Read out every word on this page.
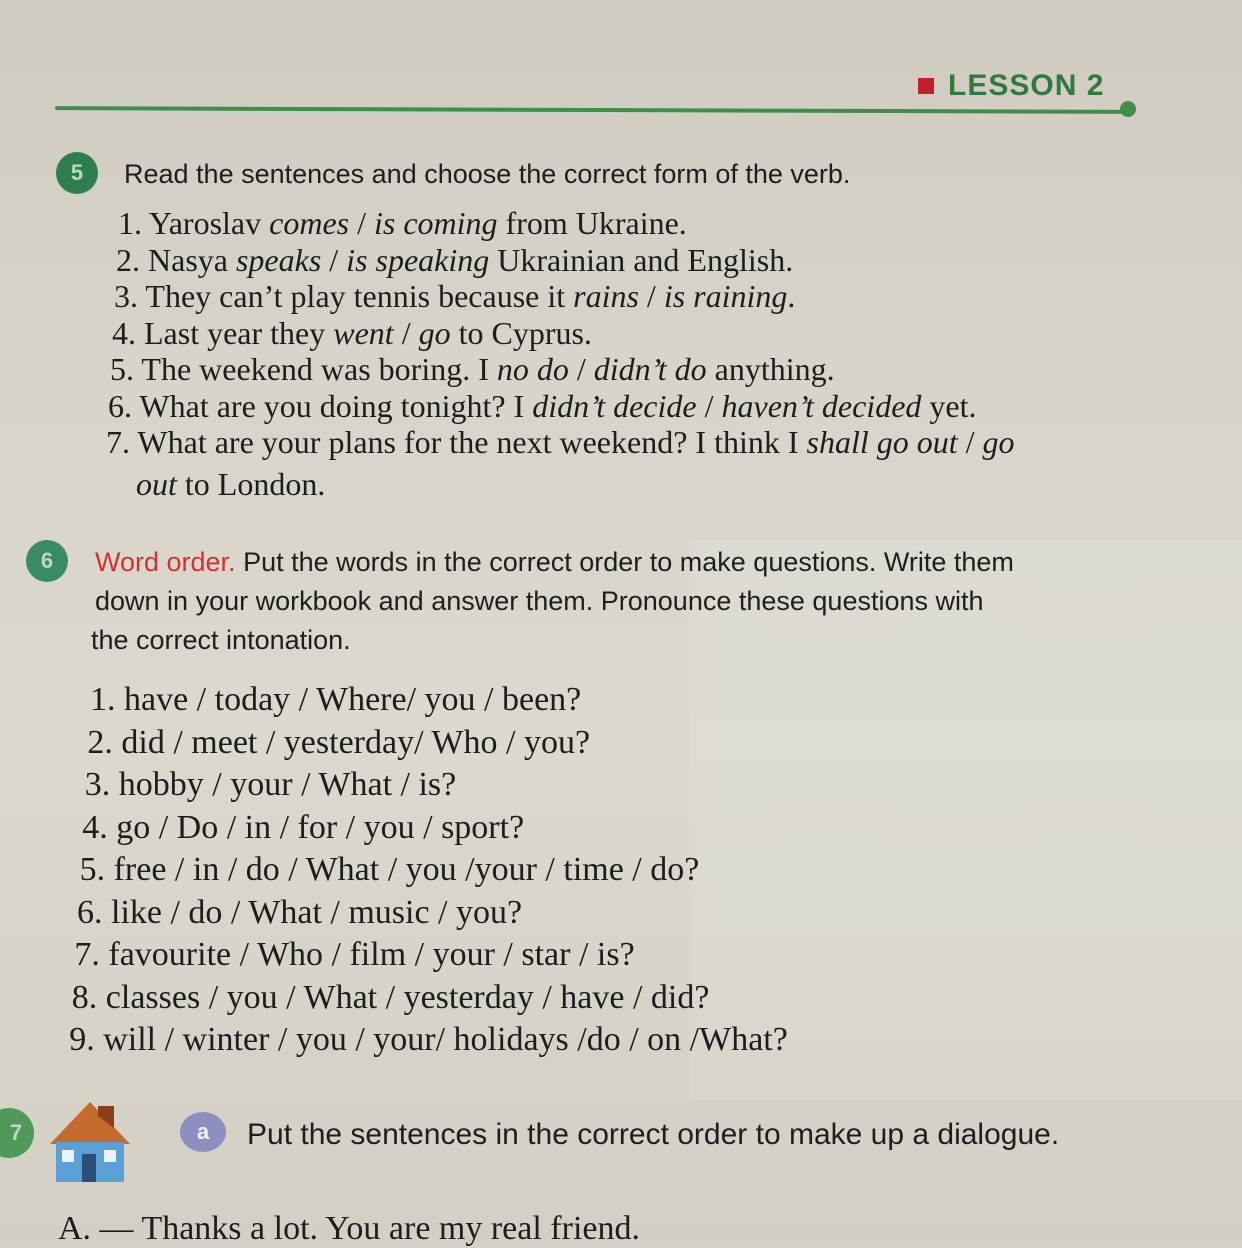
LESSON 2
5	Read the sentences and choose the correct form of the verb.
1. Yaroslav comes / is coming from Ukraine.
2. Nasya speaks / is speaking Ukrainian and English.
3. They can’t play tennis because it rains / is raining.
4. Last year they went / go to Cyprus.
5. The weekend was boring. I no do / didn’t do anything.
6. What are you doing tonight? I didn’t decide / haven’t decided yet.
7. What are your plans for the next weekend? I think I shall go out / go
out to London.
6	Word order. Put the words in the correct order to make questions. Write them
down in your workbook and answer them. Pronounce these questions with
the correct intonation.
1. have / today / Where/ you / been?
2. did / meet / yesterday/ Who / you?
3. hobby / your / What / is?
4. go / Do / in / for / you / sport?
5. free / in / do / What / you /your / time / do?
6. like / do / What / music / you?
7. favourite / Who / film / your / star / is?
8. classes / you / What / yesterday / have / did?
9. will / winter / you / your/ holidays /do / on /What?
7	a	Put the sentences in the correct order to make up a dialogue.
A. — Thanks a lot. You are my real friend.
